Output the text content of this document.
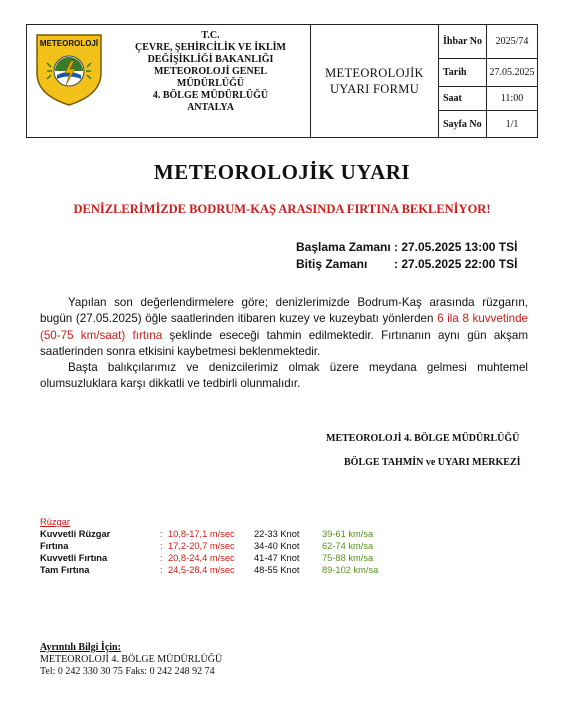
METEOROLOJİ
T.C.
ÇEVRE, ŞEHİRCİLİK VE İKLİM
DEĞİŞİKLİĞİ BAKANLIĞI
METEOROLOJİ GENEL
MÜDÜRLÜĞÜ
4. BÖLGE MÜDÜRLÜĞÜ
ANTALYA
METEOROLOJİK
UYARI FORMU
İhbar No	2025/74
Tarih	27.05.2025
Saat	11:00
Sayfa No	1/1
METEOROLOJİK UYARI
DENİZLERİMİZDE BODRUM-KAŞ ARASINDA FIRTINA BEKLENİYOR!
Başlama Zamanı : 27.05.2025 13:00 TSİ
Bitiş Zamanı : 27.05.2025 22:00 TSİ
Yapılan son değerlendirmelere göre; denizlerimizde Bodrum-Kaş arasında rüzgarın, bugün (27.05.2025) öğle saatlerinden itibaren kuzey ve kuzeybatı yönlerden 6 ila 8 kuvvetinde (50-75 km/saat) fırtına şeklinde eseceği tahmin edilmektedir. Fırtınanın aynı gün akşam saatlerinden sonra etkisini kaybetmesi beklenmektedir.
Başta balıkçılarımız ve denizcilerimiz olmak üzere meydana gelmesi muhtemel olumsuzluklara karşı dikkatli ve tedbirli olunmalıdır.
METEOROLOJİ 4. BÖLGE MÜDÜRLÜĞÜ
BÖLGE TAHMİN ve UYARI MERKEZİ
Rüzgar
Kuvvetli Rüzgar	: 10,8-17,1 m/sec 22-33 Knot 39-61 km/sa
Fırtına	: 17,2-20,7 m/sec 34-40 Knot 62-74 km/sa
Kuvvetli Fırtına	: 20,8-24,4 m/sec 41-47 Knot 75-88 km/sa
Tam Fırtına	: 24,5-28,4 m/sec 48-55 Knot 89-102 km/sa
Ayrıntılı Bilgi İçin:
METEOROLOJİ 4. BÖLGE MÜDÜRLÜĞÜ
Tel: 0 242 330 30 75 Faks: 0 242 248 92 74
